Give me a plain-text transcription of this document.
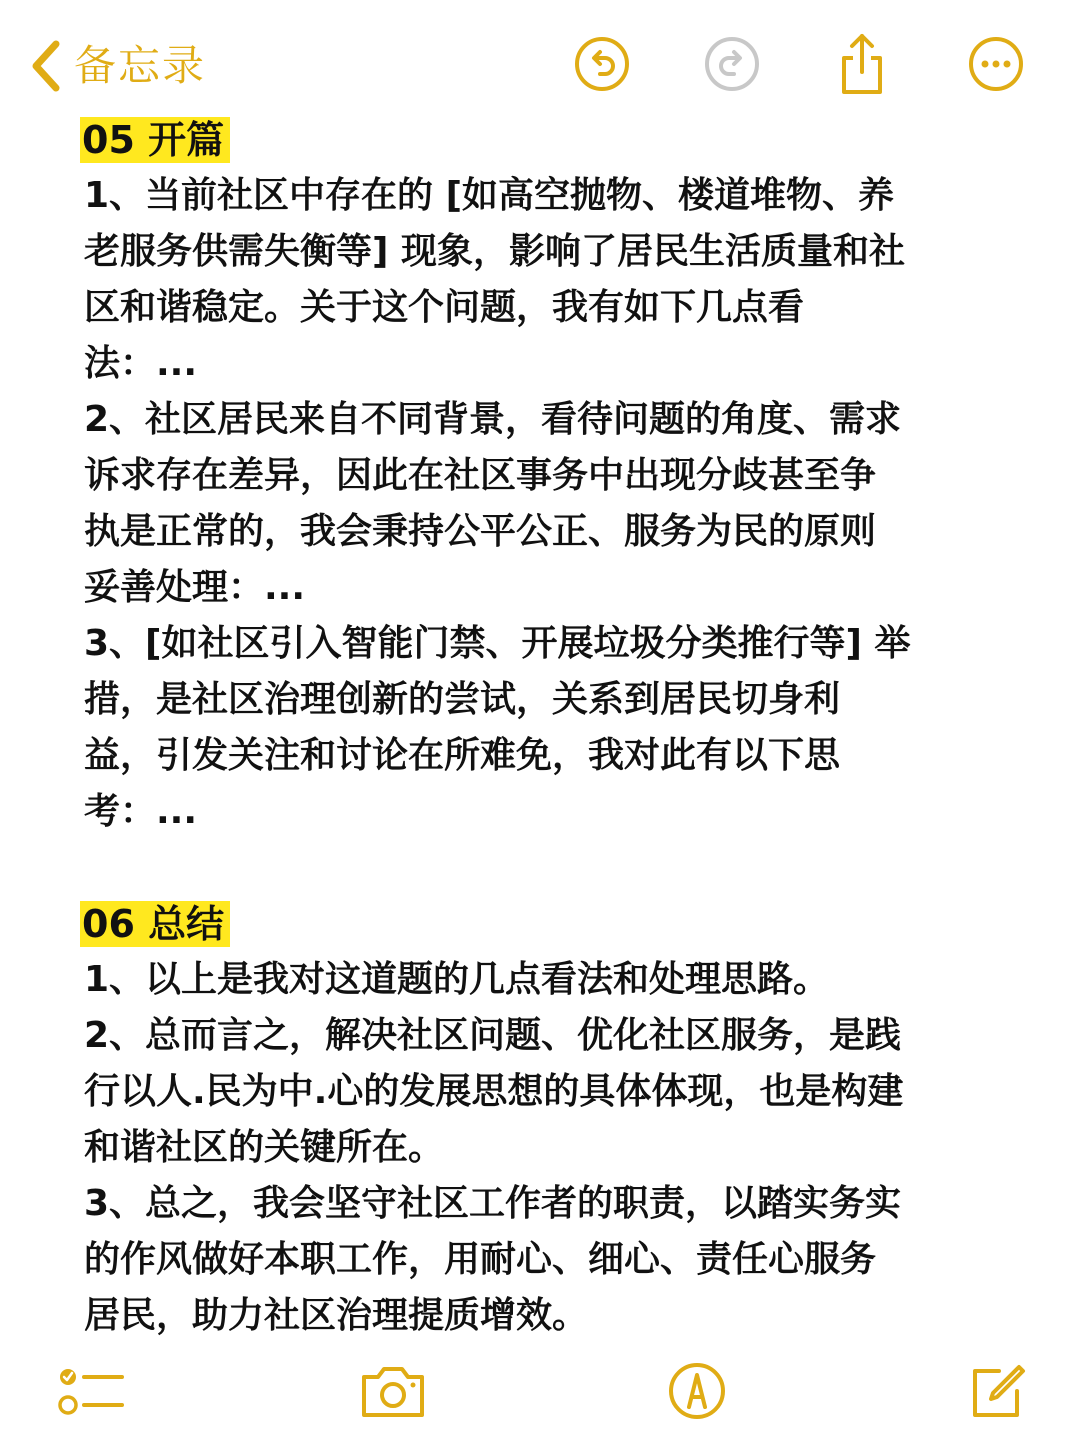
备忘录
05 开篇

1、当前社区中存在的 [如高空抛物、楼道堆物、养
老服务供需失衡等] 现象，影响了居民生活质量和社
区和谐稳定。关于这个问题，我有如下几点看
法：...

2、社区居民来自不同背景，看待问题的角度、需求
诉求存在差异，因此在社区事务中出现分歧甚至争
执是正常的，我会秉持公平公正、服务为民的原则
妥善处理：...

3、[如社区引入智能门禁、开展垃圾分类推行等] 举
措，是社区治理创新的尝试，关系到居民切身利
益，引发关注和讨论在所难免，我对此有以下思
考：...

06 总结

1、以上是我对这道题的几点看法和处理思路。

2、总而言之，解决社区问题、优化社区服务，是践
行以人.民为中.心的发展思想的具体体现，也是构建
和谐社区的关键所在。

3、总之，我会坚守社区工作者的职责，以踏实务实
的作风做好本职工作，用耐心、细心、责任心服务
居民，助力社区治理提质增效。
